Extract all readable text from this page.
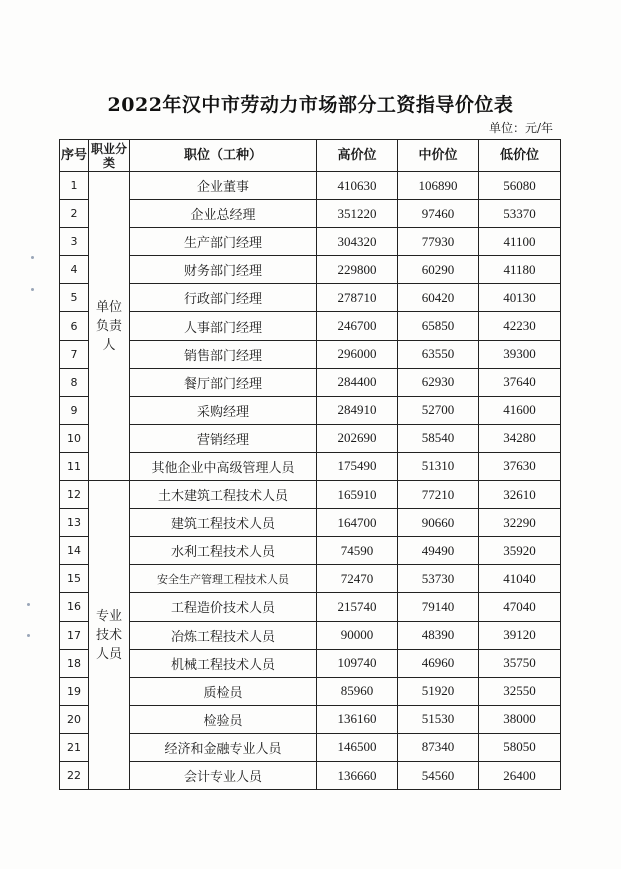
2022年汉中市劳动力市场部分工资指导价位表
单位：元/年
序号	职业分类	职位（工种）	高价位	中价位	低价位
1	单位负责人	企业董事	410630	106890	56080
2		企业总经理	351220	97460	53370
3		生产部门经理	304320	77930	41100
4		财务部门经理	229800	60290	41180
5		行政部门经理	278710	60420	40130
6		人事部门经理	246700	65850	42230
7		销售部门经理	296000	63550	39300
8		餐厅部门经理	284400	62930	37640
9		采购经理	284910	52700	41600
10		营销经理	202690	58540	34280
11		其他企业中高级管理人员	175490	51310	37630
12	专业技术人员	土木建筑工程技术人员	165910	77210	32610
13		建筑工程技术人员	164700	90660	32290
14		水利工程技术人员	74590	49490	35920
15		安全生产管理工程技术人员	72470	53730	41040
16		工程造价技术人员	215740	79140	47040
17		冶炼工程技术人员	90000	48390	39120
18		机械工程技术人员	109740	46960	35750
19		质检员	85960	51920	32550
20		检验员	136160	51530	38000
21		经济和金融专业人员	146500	87340	58050
22		会计专业人员	136660	54560	26400
